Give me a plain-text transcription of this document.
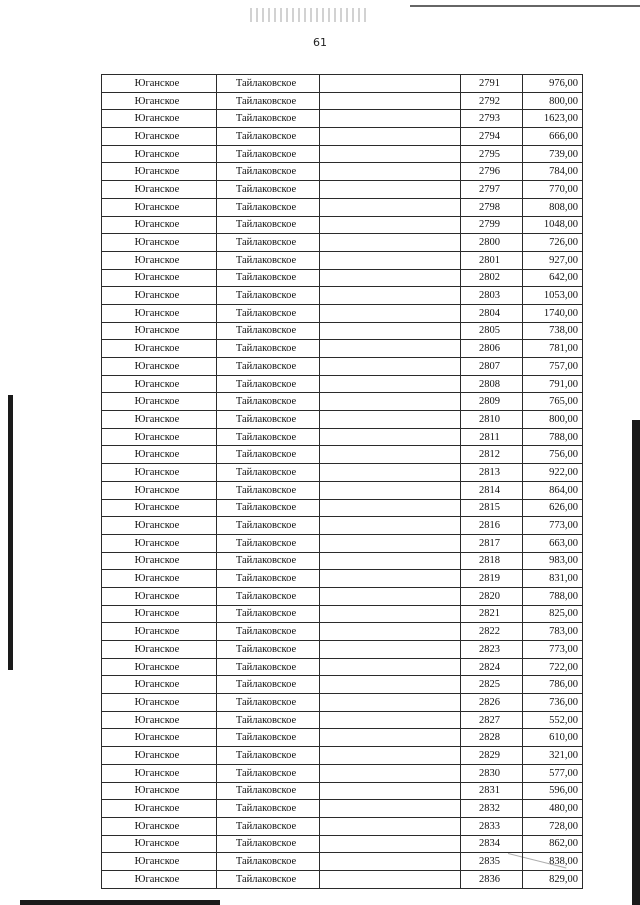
61
Юганское	Тайлаковское		2791	976,00
Юганское	Тайлаковское		2792	800,00
Юганское	Тайлаковское		2793	1623,00
Юганское	Тайлаковское		2794	666,00
Юганское	Тайлаковское		2795	739,00
Юганское	Тайлаковское		2796	784,00
Юганское	Тайлаковское		2797	770,00
Юганское	Тайлаковское		2798	808,00
Юганское	Тайлаковское		2799	1048,00
Юганское	Тайлаковское		2800	726,00
Юганское	Тайлаковское		2801	927,00
Юганское	Тайлаковское		2802	642,00
Юганское	Тайлаковское		2803	1053,00
Юганское	Тайлаковское		2804	1740,00
Юганское	Тайлаковское		2805	738,00
Юганское	Тайлаковское		2806	781,00
Юганское	Тайлаковское		2807	757,00
Юганское	Тайлаковское		2808	791,00
Юганское	Тайлаковское		2809	765,00
Юганское	Тайлаковское		2810	800,00
Юганское	Тайлаковское		2811	788,00
Юганское	Тайлаковское		2812	756,00
Юганское	Тайлаковское		2813	922,00
Юганское	Тайлаковское		2814	864,00
Юганское	Тайлаковское		2815	626,00
Юганское	Тайлаковское		2816	773,00
Юганское	Тайлаковское		2817	663,00
Юганское	Тайлаковское		2818	983,00
Юганское	Тайлаковское		2819	831,00
Юганское	Тайлаковское		2820	788,00
Юганское	Тайлаковское		2821	825,00
Юганское	Тайлаковское		2822	783,00
Юганское	Тайлаковское		2823	773,00
Юганское	Тайлаковское		2824	722,00
Юганское	Тайлаковское		2825	786,00
Юганское	Тайлаковское		2826	736,00
Юганское	Тайлаковское		2827	552,00
Юганское	Тайлаковское		2828	610,00
Юганское	Тайлаковское		2829	321,00
Юганское	Тайлаковское		2830	577,00
Юганское	Тайлаковское		2831	596,00
Юганское	Тайлаковское		2832	480,00
Юганское	Тайлаковское		2833	728,00
Юганское	Тайлаковское		2834	862,00
Юганское	Тайлаковское		2835	838,00
Юганское	Тайлаковское		2836	829,00
